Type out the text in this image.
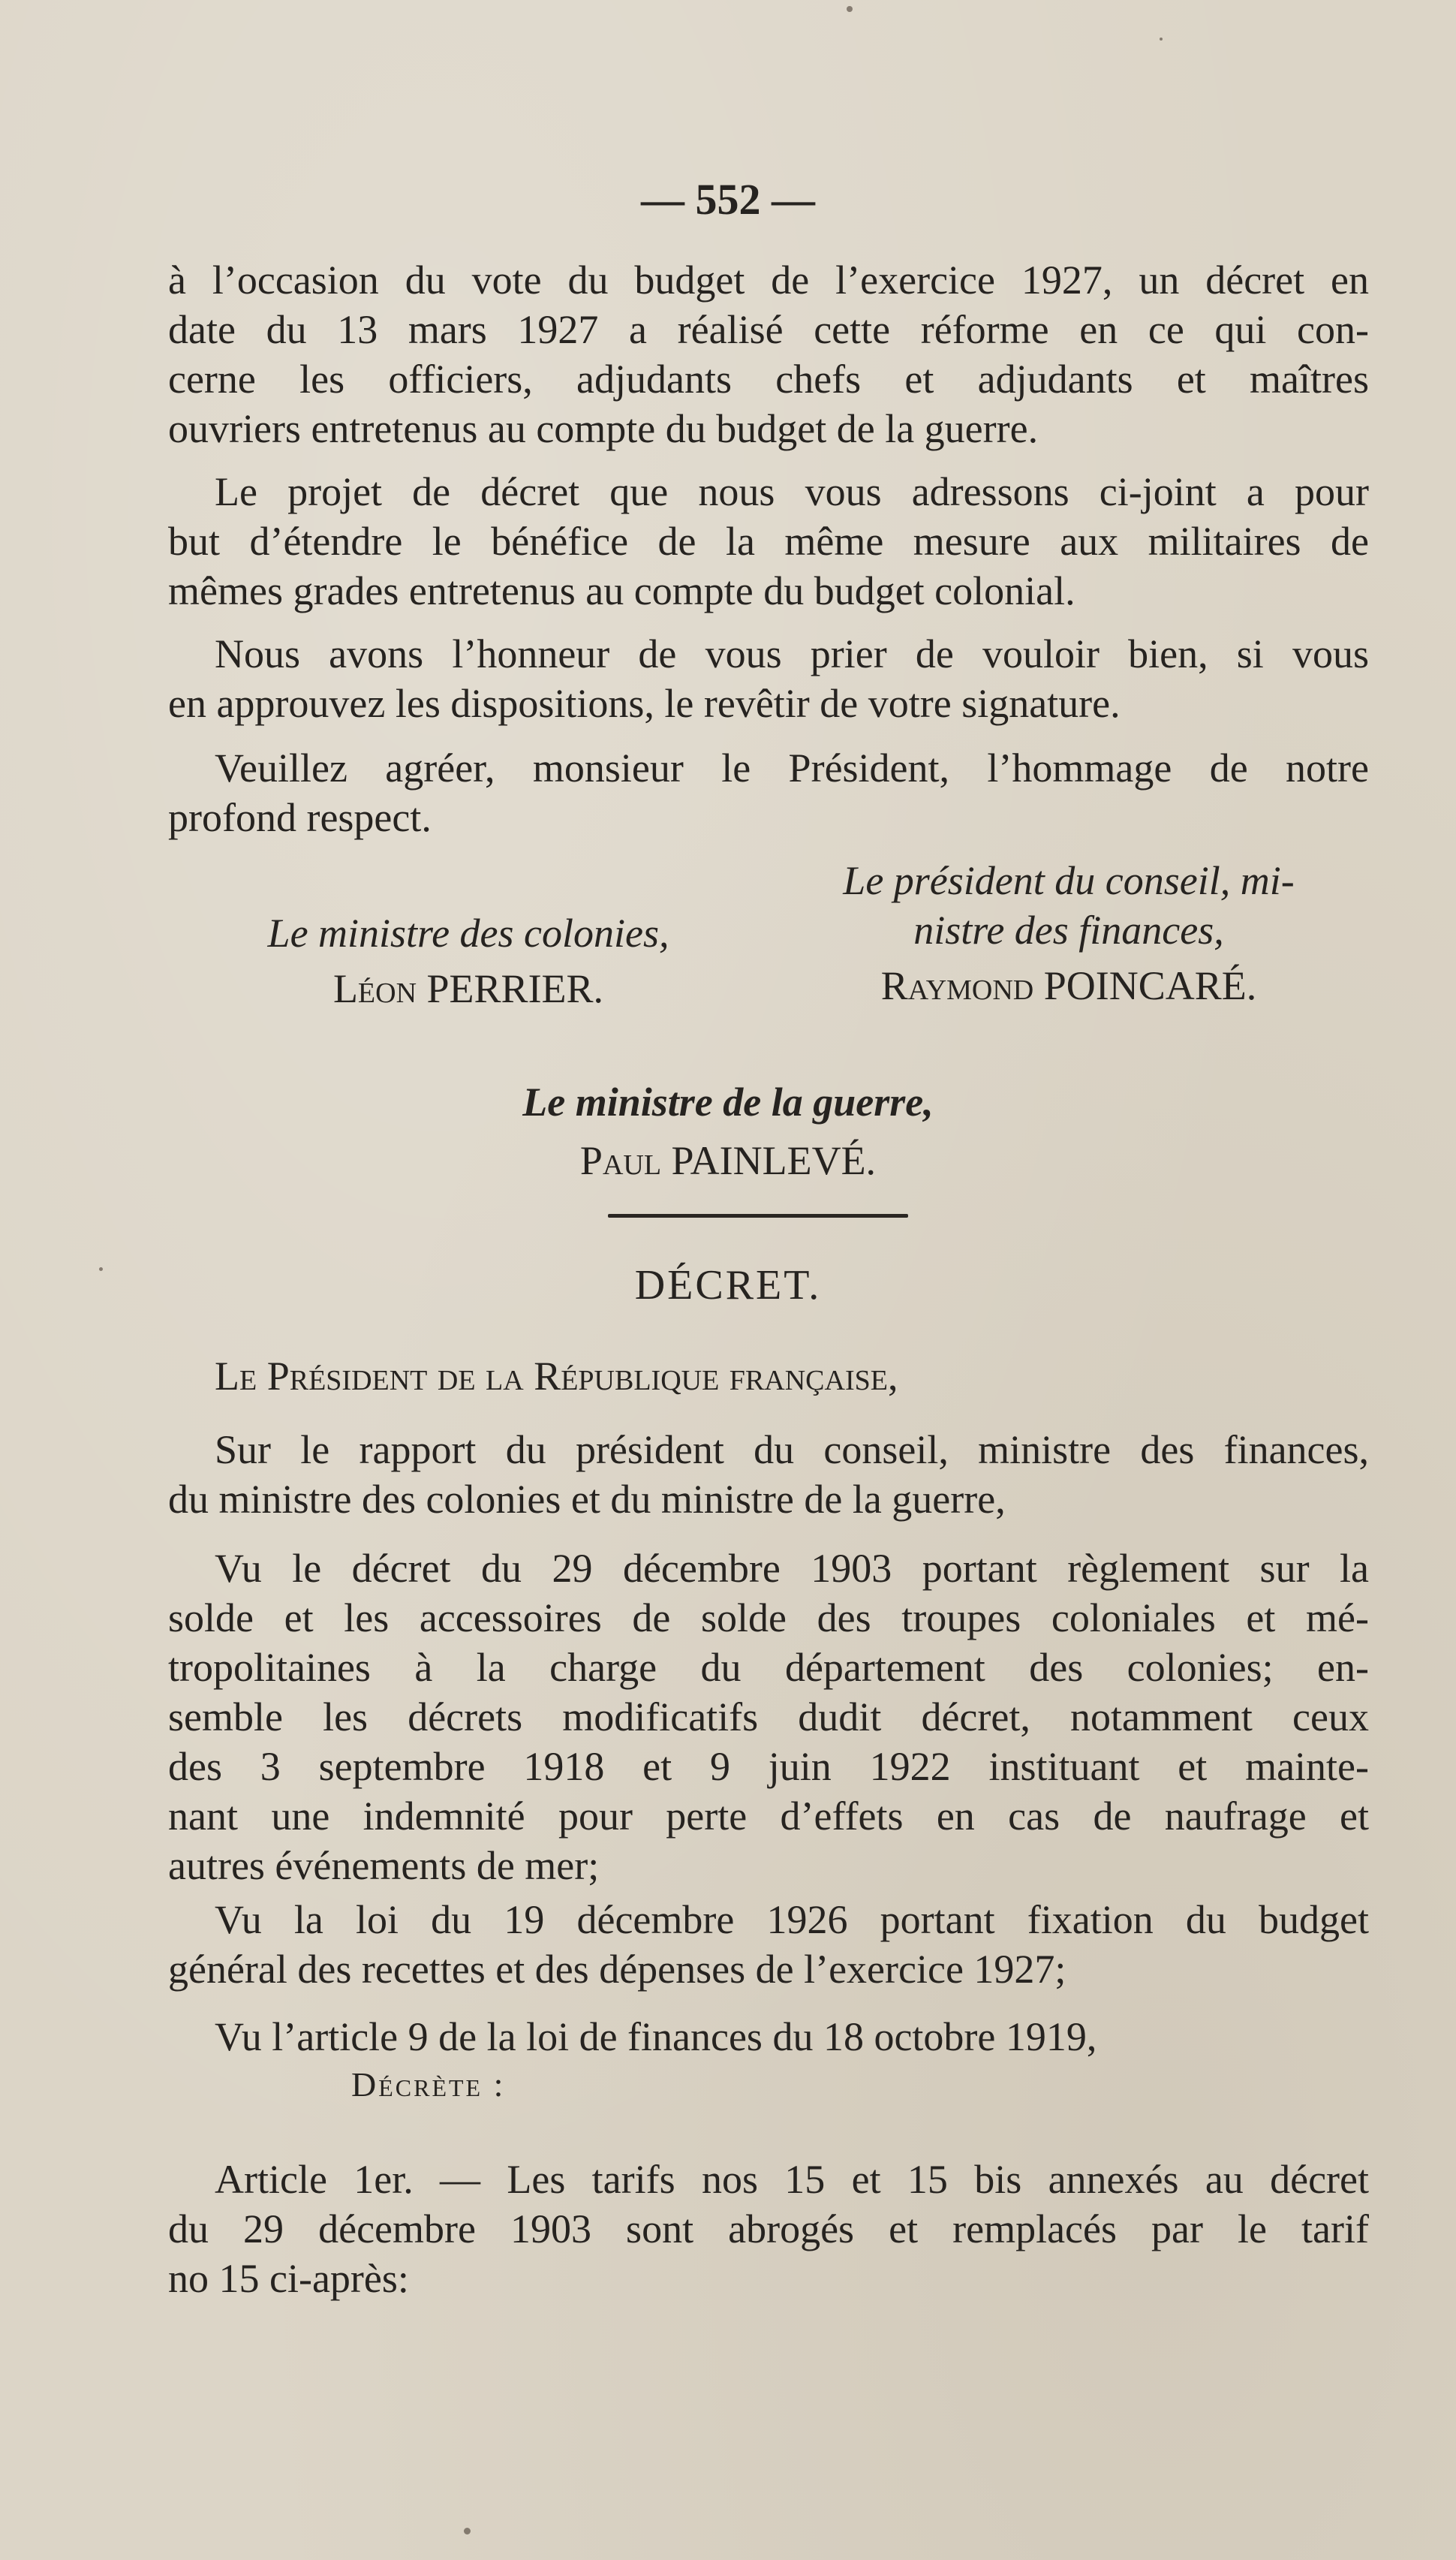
— 552 —
à l’occasion du vote du budget de l’exercice 1927, un décret en
date du 13 mars 1927 a réalisé cette réforme en ce qui con-
cerne les officiers, adjudants chefs et adjudants et maîtres
ouvriers entretenus au compte du budget de la guerre.
Le projet de décret que nous vous adressons ci-joint a pour
but d’étendre le bénéfice de la même mesure aux militaires de
mêmes grades entretenus au compte du budget colonial.
Nous avons l’honneur de vous prier de vouloir bien, si vous
en approuvez les dispositions, le revêtir de votre signature.
Veuillez agréer, monsieur le Président, l’hommage de notre
profond respect.
Le ministre des colonies,
Léon PERRIER.
Le président du conseil, mi-
nistre des finances,
Raymond POINCARÉ.
Le ministre de la guerre,
Paul PAINLEVÉ.
DÉCRET.
Le Président de la République française,
Sur le rapport du président du conseil, ministre des finances,
du ministre des colonies et du ministre de la guerre,
Vu le décret du 29 décembre 1903 portant règlement sur la
solde et les accessoires de solde des troupes coloniales et mé-
tropolitaines à la charge du département des colonies; en-
semble les décrets modificatifs dudit décret, notamment ceux
des 3 septembre 1918 et 9 juin 1922 instituant et mainte-
nant une indemnité pour perte d’effets en cas de naufrage et
autres événements de mer;
Vu la loi du 19 décembre 1926 portant fixation du budget
général des recettes et des dépenses de l’exercice 1927;
Vu l’article 9 de la loi de finances du 18 octobre 1919,
Décrète :
Article 1er. — Les tarifs nos 15 et 15 bis annexés au décret
du 29 décembre 1903 sont abrogés et remplacés par le tarif
no 15 ci-après:
